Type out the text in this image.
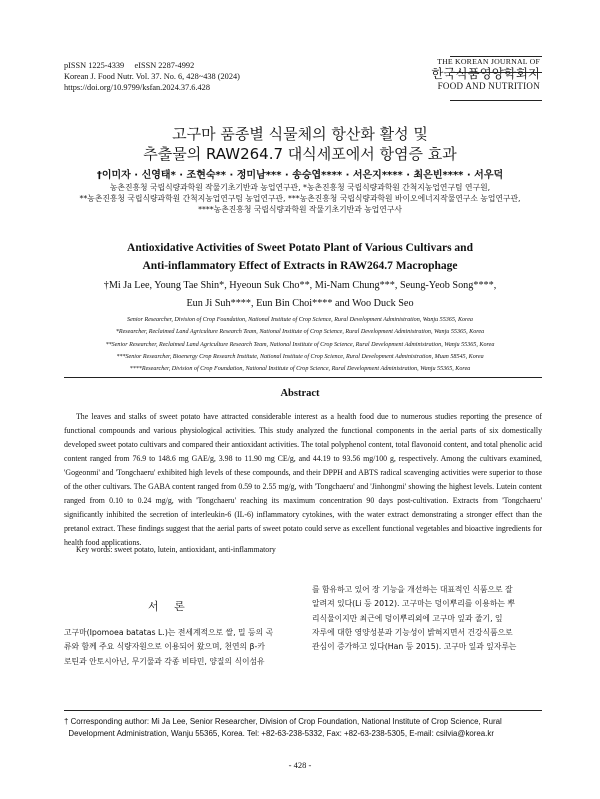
pISSN 1225-4339     eISSN 2287-4992
Korean J. Food Nutr. Vol. 37. No. 6, 428~438 (2024)
https://doi.org/10.9799/ksfan.2024.37.6.428
THE KOREAN JOURNAL OF
한국식품영양학회지
FOOD AND NUTRITION
고구마 품종별 식물체의 항산화 활성 및
추출물의 RAW264.7 대식세포에서 항염증 효과
†이미자 · 신영태* · 조현숙** · 정미남*** · 송승엽**** · 서은지**** · 최은빈**** · 서우덕
농촌진흥청 국립식량과학원 작물기초기반과 농업연구관, *농촌진흥청 국립식량과학원 간척지농업연구팀 연구원,
**농촌진흥청 국립식량과학원 간척지농업연구팀 농업연구관, ***농촌진흥청 국립식량과학원 바이오에너지작물연구소 농업연구관,
****농촌진흥청 국립식량과학원 작물기초기반과 농업연구사
Antioxidative Activities of Sweet Potato Plant of Various Cultivars and
Anti-inflammatory Effect of Extracts in RAW264.7 Macrophage
†Mi Ja Lee, Young Tae Shin*, Hyeoun Suk Cho**, Mi-Nam Chung***, Seung-Yeob Song****,
Eun Ji Suh****, Eun Bin Choi**** and Woo Duck Seo
Senior Researcher, Division of Crop Foundation, National Institute of Crop Science, Rural Development Administration, Wanju 55365, Korea
*Researcher, Reclaimed Land Agriculture Research Team, National Institute of Crop Science, Rural Development Administration, Wanju 55365, Korea
**Senior Researcher, Reclaimed Land Agriculture Research Team, National Institute of Crop Science, Rural Development Administration, Wanju 55365, Korea
***Senior Researcher, Bioenergy Crop Research Institute, National Institute of Crop Science, Rural Development Administration, Muan 58545, Korea
****Researcher, Division of Crop Foundation, National Institute of Crop Science, Rural Development Administration, Wanju 55365, Korea
Abstract
The leaves and stalks of sweet potato have attracted considerable interest as a health food due to numerous studies reporting the presence of functional compounds and various physiological activities. This study analyzed the functional components in the aerial parts of six domestically developed sweet potato cultivars and compared their antioxidant activities. The total polyphenol content, total flavonoid content, and total phenolic acid content ranged from 76.9 to 148.6 mg GAE/g, 3.98 to 11.90 mg CE/g, and 44.19 to 93.56 mg/100 g, respectively. Among the cultivars examined, 'Gogeonmi' and 'Tongchaeru' exhibited high levels of these compounds, and their DPPH and ABTS radical scavenging activities were superior to those of the other cultivars. The GABA content ranged from 0.59 to 2.55 mg/g, with 'Tongchaeru' and 'Jinhongmi' showing the highest levels. Lutein content ranged from 0.10 to 0.24 mg/g, with 'Tongchaeru' reaching its maximum concentration 90 days post-cultivation. Extracts from 'Tongchaeru' significantly inhibited the secretion of interleukin-6 (IL-6) inflammatory cytokines, with the water extract demonstrating a stronger effect than the pretanol extract. These findings suggest that the aerial parts of sweet potato could serve as excellent functional vegetables and bioactive ingredients for health food applications.
Key words: sweet potato, lutein, antioxidant, anti-inflammatory
서 론
고구마(Ipomoea batatas L.)는 전세계적으로 쌀, 밀 등의 곡
류와 함께 주요 식량자원으로 이용되어 왔으며, 천연의 β-카
로틴과 안토시아닌, 무기물과 각종 비타민, 양질의 식이섬유
를 함유하고 있어 장 기능을 개선하는 대표적인 식품으로 잘
알려져 있다(Li 등 2012). 고구마는 덩이뿌리를 이용하는 뿌
리식물이지만 최근에 덩이뿌리외에 고구마 잎과 줄기, 잎
자루에 대한 영양성분과 기능성이 밝혀지면서 건강식품으로
관심이 증가하고 있다(Han 등 2015). 고구마 잎과 잎자루는
† Corresponding author: Mi Ja Lee, Senior Researcher, Division of Crop Foundation, National Institute of Crop Science, Rural
Development Administration, Wanju 55365, Korea. Tel: +82-63-238-5332, Fax: +82-63-238-5305, E-mail: csilvia@korea.kr
- 428 -
